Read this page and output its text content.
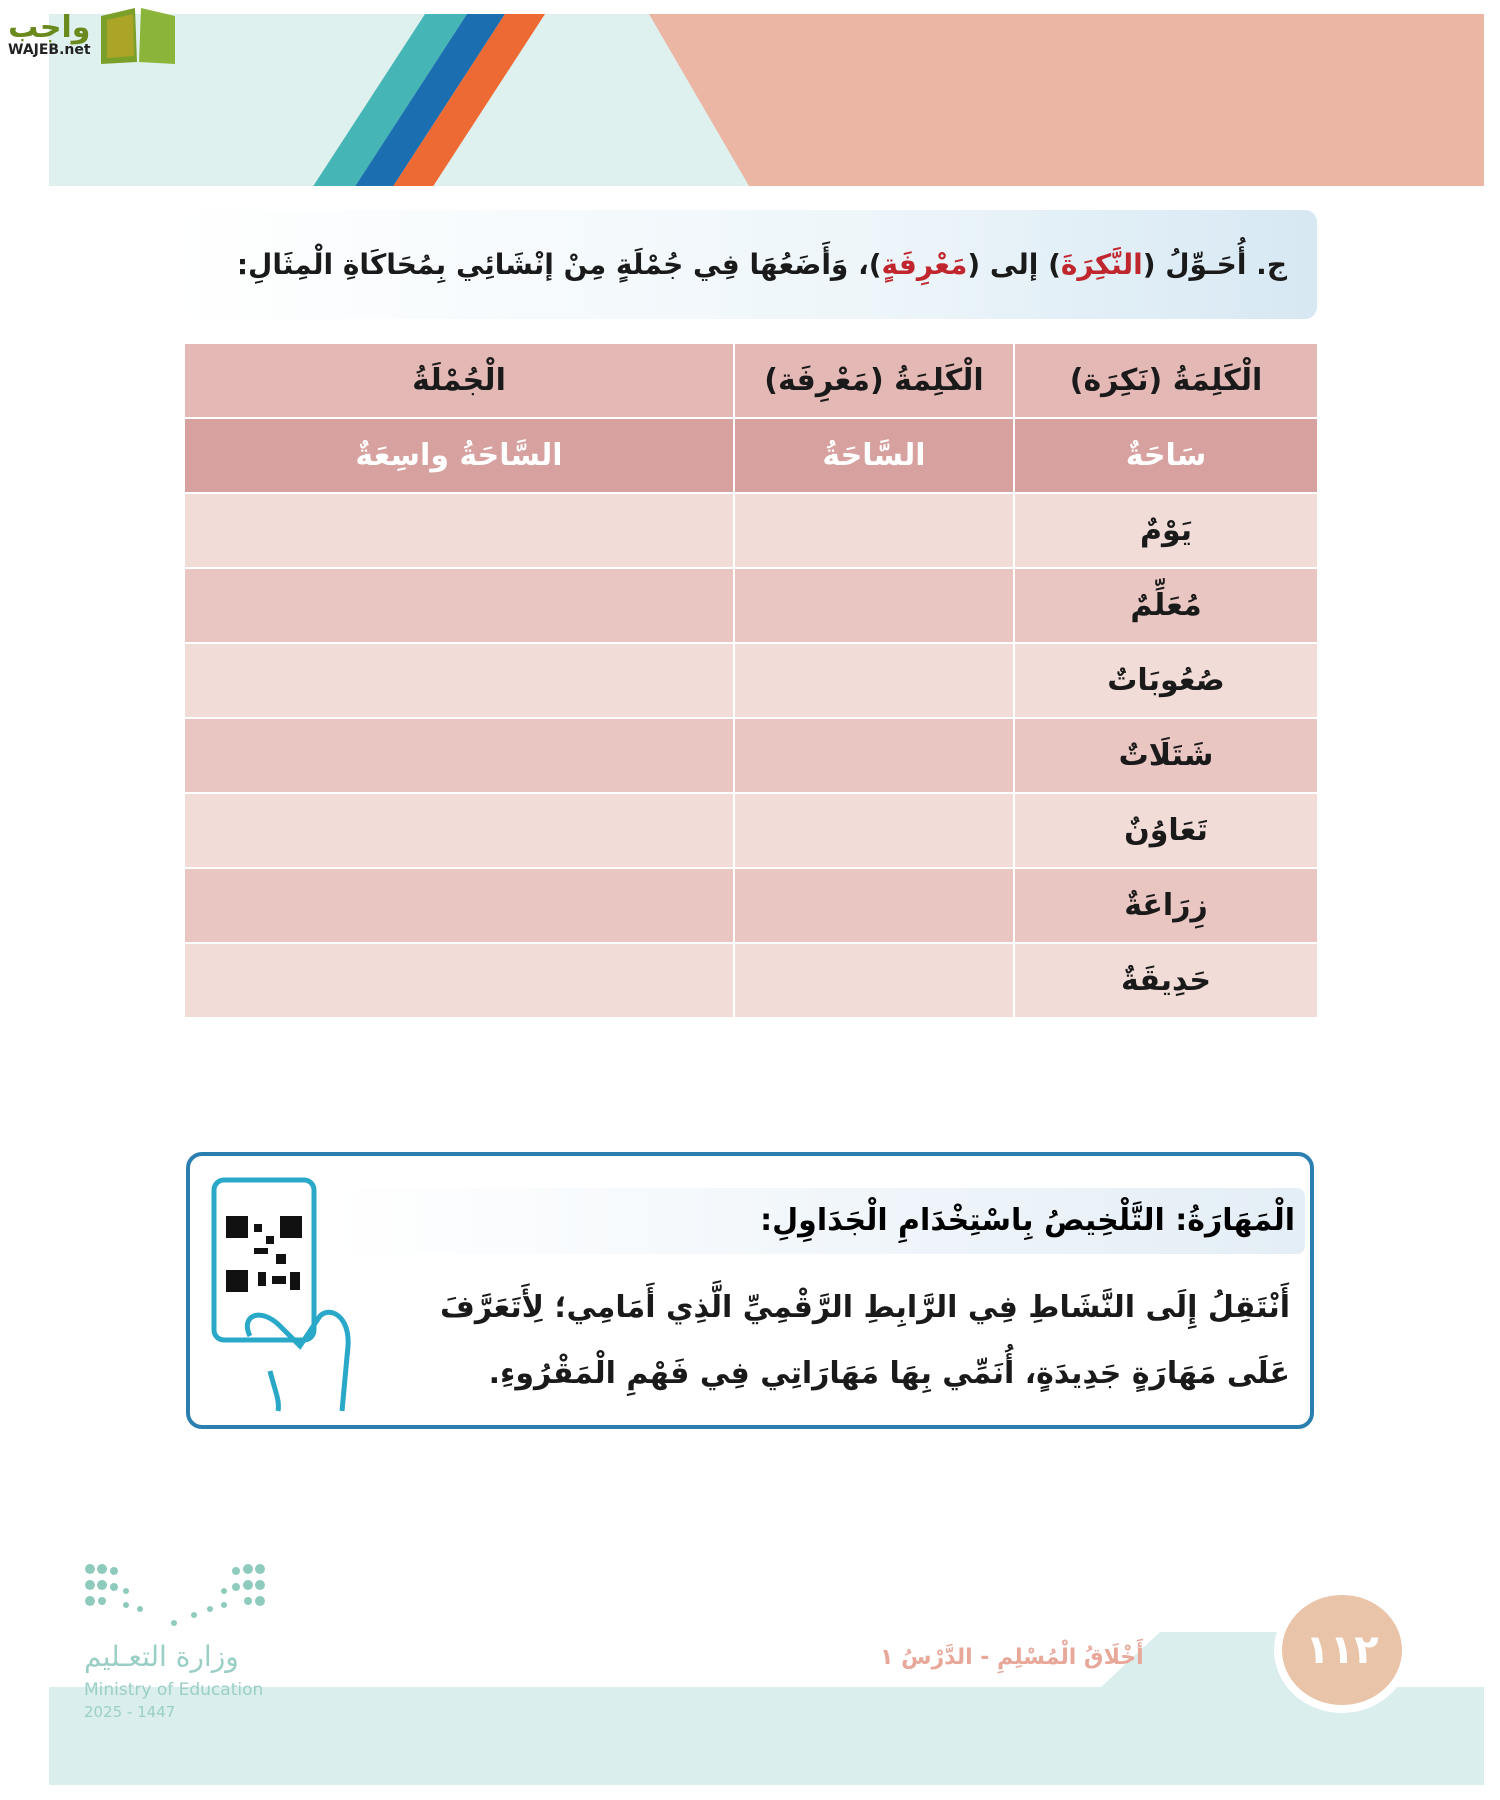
واجب
WAJEB.net
ج. أُحَـوِّلُ (النَّكِرَةَ) إلى (مَعْرِفَةٍ)، وَأَضَعُهَا فِي جُمْلَةٍ مِنْ إنْشَائِي بِمُحَاكَاةِ الْمِثَالِ:
الْكَلِمَةُ (نَكِرَة)	الْكَلِمَةُ (مَعْرِفَة)	الْجُمْلَةُ
سَاحَةٌ	السَّاحَةُ	السَّاحَةُ واسِعَةٌ
يَوْمٌ		
مُعَلِّمٌ		
صُعُوبَاتٌ		
شَتَلَاتٌ		
تَعَاوُنٌ		
زِرَاعَةٌ		
حَدِيقَةٌ		
الْمَهَارَةُ: التَّلْخِيصُ بِاسْتِخْدَامِ الْجَدَاوِلِ:
أَنْتَقِلُ إِلَى النَّشَاطِ فِي الرَّابِطِ الرَّقْمِيِّ الَّذِي أَمَامِي؛ لِأَتَعَرَّفَ عَلَى مَهَارَةٍ جَدِيدَةٍ، أُنَمِّي بِهَا مَهَارَاتِي فِي فَهْمِ الْمَقْرُوءِ.
١١٢
أَخْلَاقُ الْمُسْلِمِ - الدَّرْسُ ١
وزارة التعـليم
Ministry of Education
2025 - 1447
